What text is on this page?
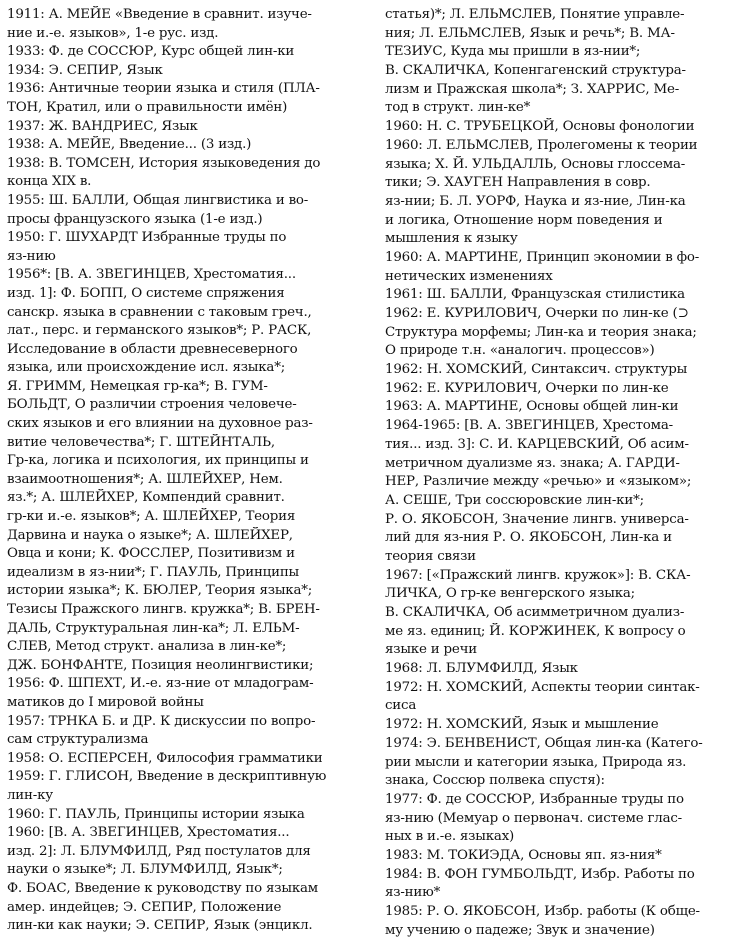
1911: А. МЕЙЕ «Введение в сравнит. изуче-
ние и.-е. языков», 1-е рус. изд.
1933: Ф. де СОССЮР, Курс общей лин-ки
1934: Э. СЕПИР, Язык
1936: Античные теории языка и стиля (ПЛА-
ТОН, Кратил, или о правильности имён)
1937: Ж. ВАНДРИЕС, Язык
1938: А. МЕЙЕ, Введение... (3 изд.)
1938: В. ТОМСЕН, История языковедения до
конца XIX в.
1955: Ш. БАЛЛИ, Общая лингвистика и во-
просы французского языка (1-е изд.)
1950: Г. ШУХАРДТ Избранные труды по
яз-нию
1956*: [В. А. ЗВЕГИНЦЕВ, Хрестоматия...
изд. 1]: Ф. БОПП, О системе спряжения
санскр. языка в сравнении с таковым греч.,
лат., перс. и германского языков*; Р. РАСК,
Исследование в области древнесеверного
языка, или происхождение исл. языка*;
Я. ГРИММ, Немецкая гр-ка*; В. ГУМ-
БОЛЬДТ, О различии строения человече-
ских языков и его влиянии на духовное раз-
витие человечества*; Г. ШТЕЙНТАЛЬ,
Гр-ка, логика и психология, их принципы и
взаимоотношения*; А. ШЛЕЙХЕР, Нем.
яз.*; А. ШЛЕЙХЕР, Компендий сравнит.
гр-ки и.-е. языков*; А. ШЛЕЙХЕР, Теория
Дарвина и наука о языке*; А. ШЛЕЙХЕР,
Овца и кони; К. ФОССЛЕР, Позитивизм и
идеализм в яз-нии*; Г. ПАУЛЬ, Принципы
истории языка*; К. БЮЛЕР, Теория языка*;
Тезисы Пражского лингв. кружка*; В. БРЕН-
ДАЛЬ, Структуральная лин-ка*; Л. ЕЛЬМ-
СЛЕВ, Метод структ. анализа в лин-ке*;
ДЖ. БОНФАНТЕ, Позиция неолингвистики;
1956: Ф. ШПЕХТ, И.-е. яз-ние от младограм-
матиков до I мировой войны
1957: ТРНКА Б. и ДР. К дискуссии по вопро-
сам структурализма
1958: О. ЕСПЕРСЕН, Философия грамматики
1959: Г. ГЛИСОН, Введение в дескриптивную
лин-ку
1960: Г. ПАУЛЬ, Принципы истории языка
1960: [В. А. ЗВЕГИНЦЕВ, Хрестоматия...
изд. 2]: Л. БЛУМФИЛД, Ряд постулатов для
науки о языке*; Л. БЛУМФИЛД, Язык*;
Ф. БОАС, Введение к руководству по языкам
амер. индейцев; Э. СЕПИР, Положение
лин-ки как науки; Э. СЕПИР, Язык (энцикл.
статья)*; Л. ЕЛЬМСЛЕВ, Понятие управле-
ния; Л. ЕЛЬМСЛЕВ, Язык и речь*; В. МА-
ТЕЗИУС, Куда мы пришли в яз-нии*;
В. СКАЛИЧКА, Копенгагенский структура-
лизм и Пражская школа*; З. ХАРРИС, Ме-
тод в структ. лин-ке*
1960: Н. С. ТРУБЕЦКОЙ, Основы фонологии
1960: Л. ЕЛЬМСЛЕВ, Пролегомены к теории
языка; Х. Й. УЛЬДАЛЛЬ, Основы глоссема-
тики; Э. ХАУГЕН Направления в совр.
яз-нии; Б. Л. УОРФ, Наука и яз-ние, Лин-ка
и логика, Отношение норм поведения и
мышления к языку
1960: А. МАРТИНЕ, Принцип экономии в фо-
нетических изменениях
1961: Ш. БАЛЛИ, Французская стилистика
1962: Е. КУРИЛОВИЧ, Очерки по лин-ке (⊃
Структура морфемы; Лин-ка и теория знака;
О природе т.н. «аналогич. процессов»)
1962: Н. ХОМСКИЙ, Синтаксич. структуры
1962: Е. КУРИЛОВИЧ, Очерки по лин-ке
1963: А. МАРТИНЕ, Основы общей лин-ки
1964-1965: [В. А. ЗВЕГИНЦЕВ, Хрестома-
тия... изд. 3]: С. И. КАРЦЕВСКИЙ, Об асим-
метричном дуализме яз. знака; А. ГАРДИ-
НЕР, Различие между «речью» и «языком»;
А. СЕШЕ, Три соссюровские лин-ки*;
Р. О. ЯКОБСОН, Значение лингв. универса-
лий для яз-ния Р. О. ЯКОБСОН, Лин-ка и
теория связи
1967: [«Пражский лингв. кружок»]: В. СКА-
ЛИЧКА, О гр-ке венгерского языка;
В. СКАЛИЧКА, Об асимметричном дуализ-
ме яз. единиц; Й. КОРЖИНЕК, К вопросу о
языке и речи
1968: Л. БЛУМФИЛД, Язык
1972: Н. ХОМСКИЙ, Аспекты теории синтак-
сиса
1972: Н. ХОМСКИЙ, Язык и мышление
1974: Э. БЕНВЕНИСТ, Общая лин-ка (Катего-
рии мысли и категории языка, Природа яз.
знака, Соссюр полвека спустя):
1977: Ф. де СОССЮР, Избранные труды по
яз-нию (Мемуар о первонач. системе глас-
ных в и.-е. языках)
1983: М. ТОКИЭДА, Основы яп. яз-ния*
1984: В. ФОН ГУМБОЛЬДТ, Избр. Работы по
яз-нию*
1985: Р. О. ЯКОБСОН, Избр. работы (К обще-
му учению о падеже; Звук и значение)
